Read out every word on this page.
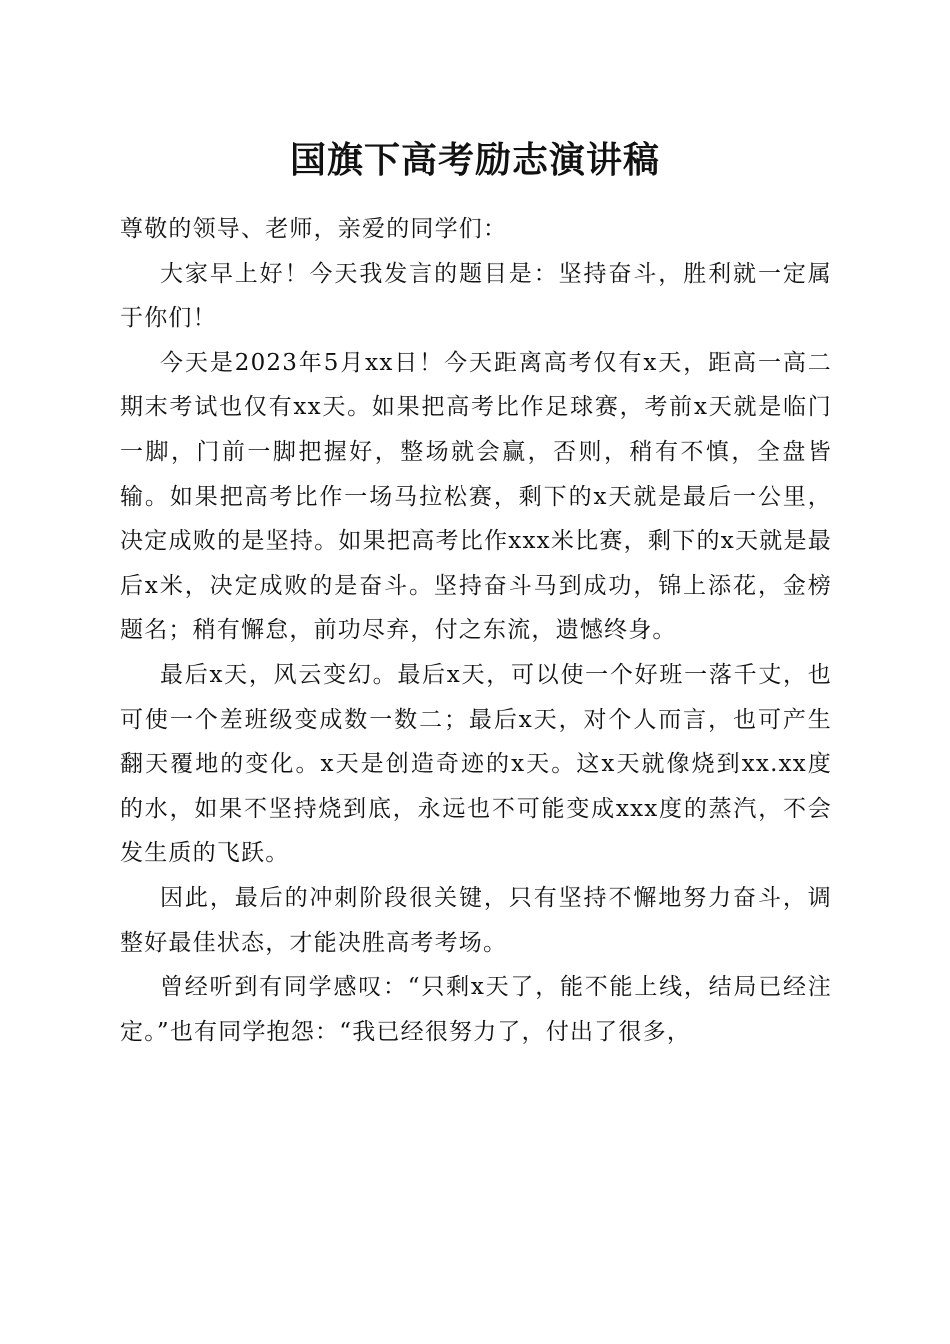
国旗下高考励志演讲稿

尊敬的领导、老师，亲爱的同学们：

大家早上好！今天我发言的题目是：坚持奋斗，胜利就一定属于你们！

今天是2023年5月xx日！今天距离高考仅有x天，距高一高二期末考试也仅有xx天。如果把高考比作足球赛，考前x天就是临门一脚，门前一脚把握好，整场就会赢，否则，稍有不慎，全盘皆输。如果把高考比作一场马拉松赛，剩下的x天就是最后一公里，决定成败的是坚持。如果把高考比作xxx米比赛，剩下的x天就是最后x米，决定成败的是奋斗。坚持奋斗马到成功，锦上添花，金榜题名；稍有懈怠，前功尽弃，付之东流，遗憾终身。

最后x天，风云变幻。最后x天，可以使一个好班一落千丈，也可使一个差班级变成数一数二；最后x天，对个人而言，也可产生翻天覆地的变化。x天是创造奇迹的x天。这x天就像烧到xx.xx度的水，如果不坚持烧到底，永远也不可能变成xxx度的蒸汽，不会发生质的飞跃。

因此，最后的冲刺阶段很关键，只有坚持不懈地努力奋斗，调整好最佳状态，才能决胜高考考场。

曾经听到有同学感叹：“只剩x天了，能不能上线，结局已经注定。”也有同学抱怨：“我已经很努力了，付出了很多，
